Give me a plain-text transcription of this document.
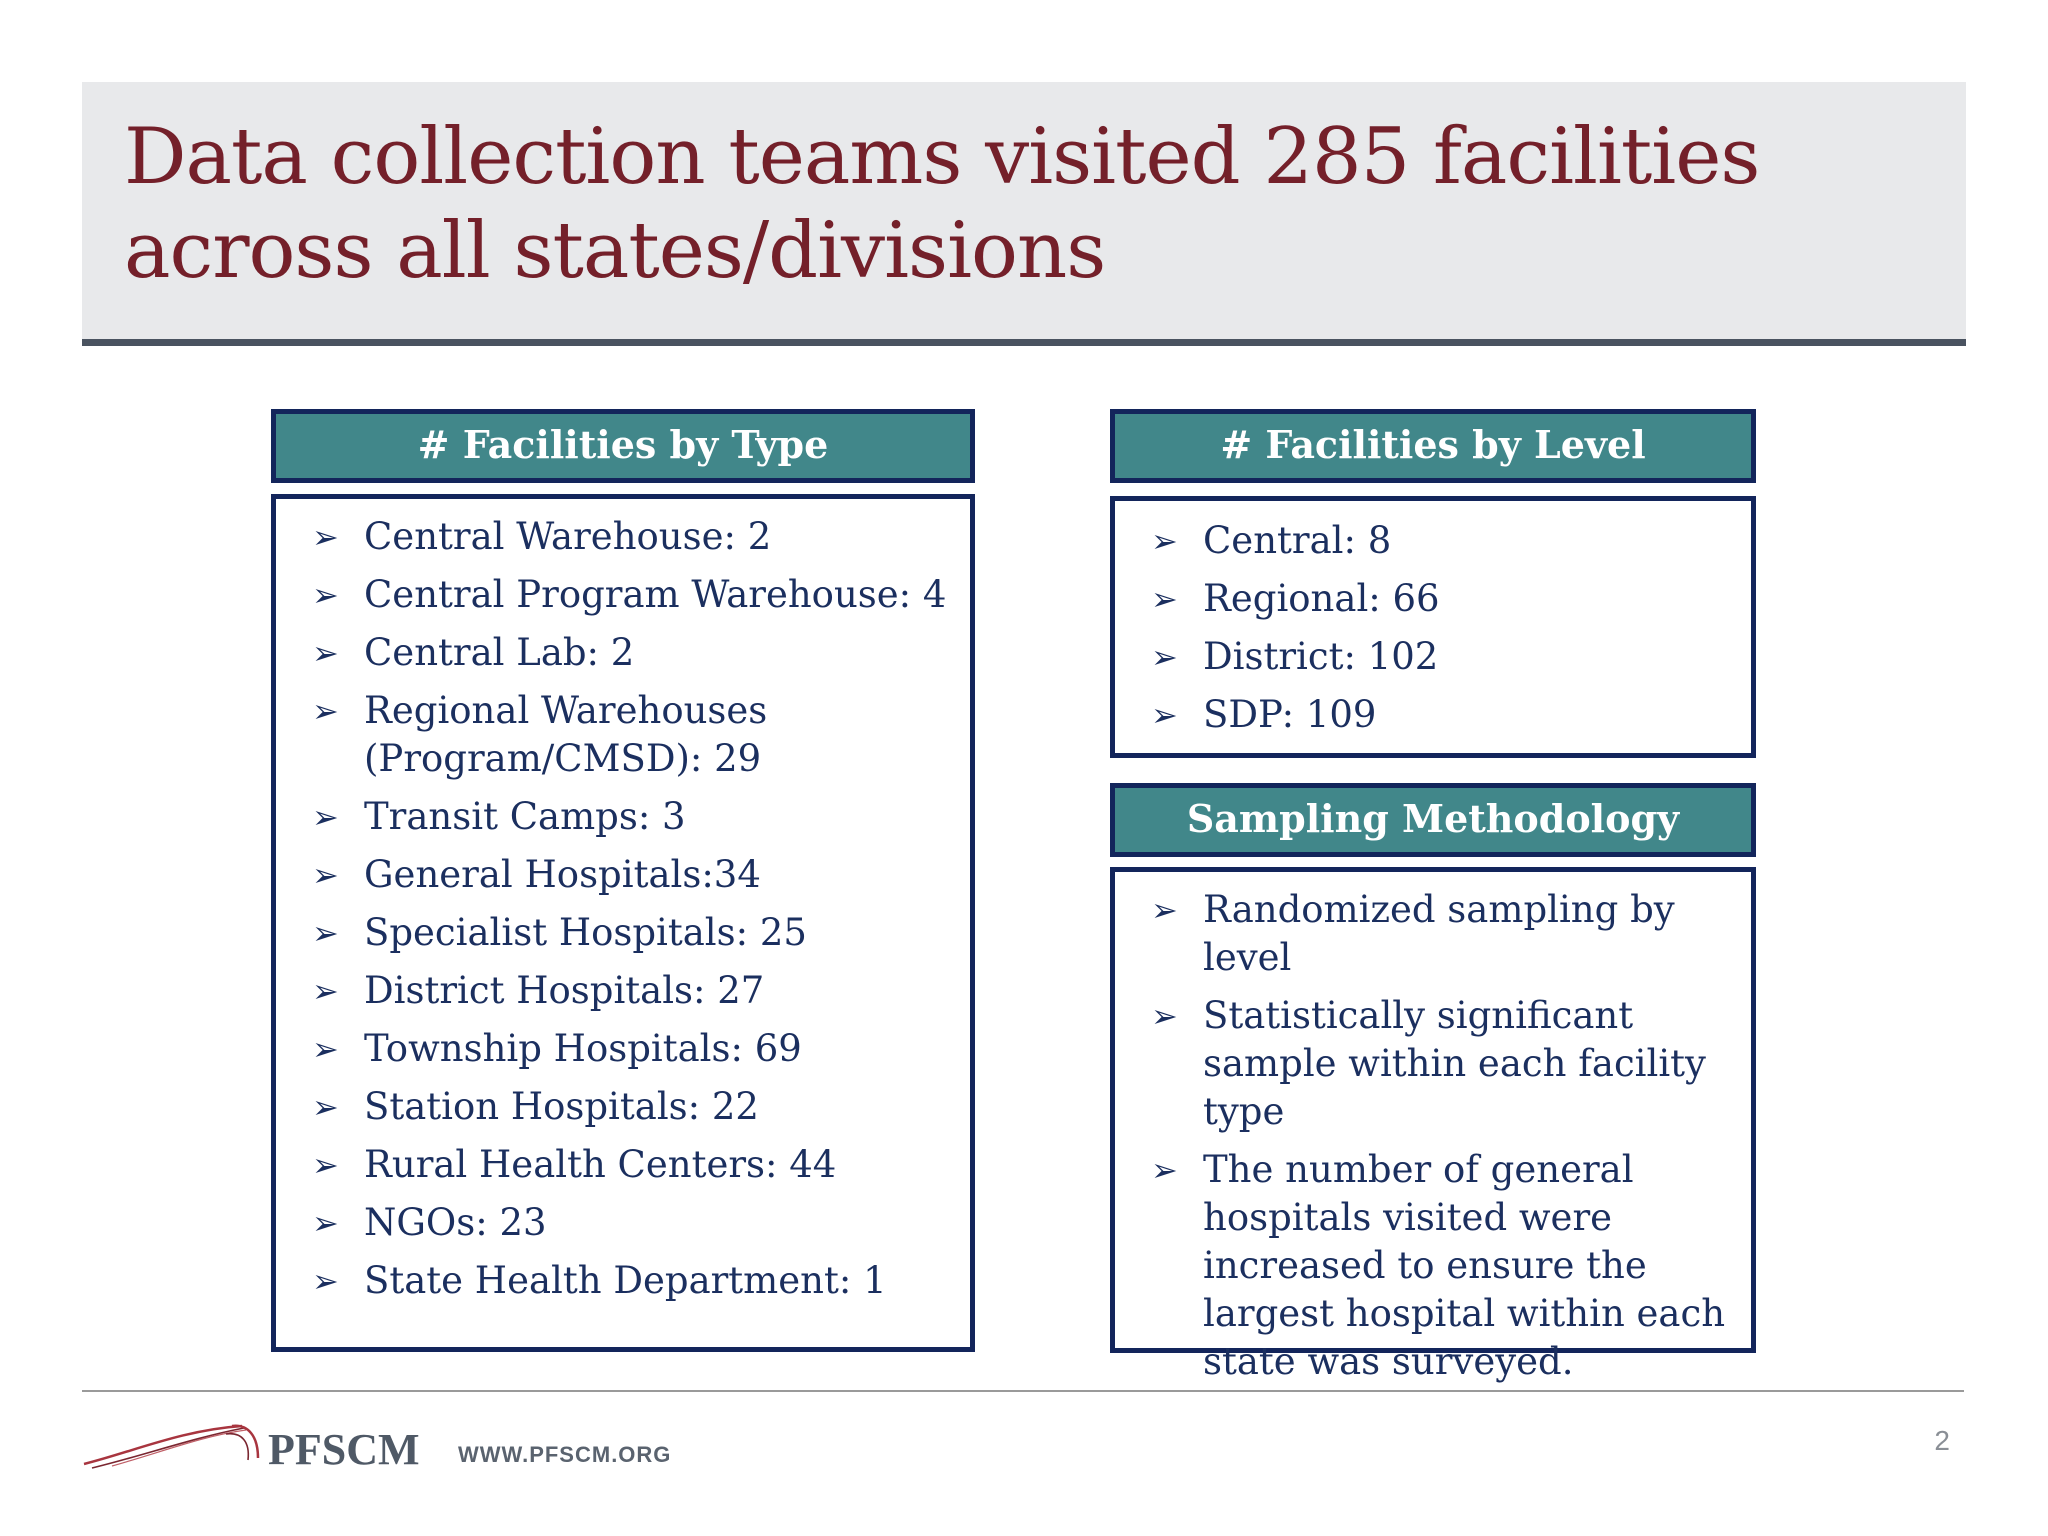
Data collection teams visited 285 facilities across all states/divisions
# Facilities by Type
➢ Central Warehouse: 2
➢ Central Program Warehouse: 4
➢ Central Lab: 2
➢ Regional Warehouses (Program/CMSD): 29
➢ Transit Camps: 3
➢ General Hospitals:34
➢ Specialist Hospitals: 25
➢ District Hospitals: 27
➢ Township Hospitals: 69
➢ Station Hospitals: 22
➢ Rural Health Centers: 44
➢ NGOs: 23
➢ State Health Department: 1
# Facilities by Level
➢ Central: 8
➢ Regional: 66
➢ District: 102
➢ SDP: 109
Sampling Methodology
➢ Randomized sampling by level
➢ Statistically significant sample within each facility type
➢ The number of general hospitals visited were increased to ensure the largest hospital within each state was surveyed.
PFSCM WWW.PFSCM.ORG	2
